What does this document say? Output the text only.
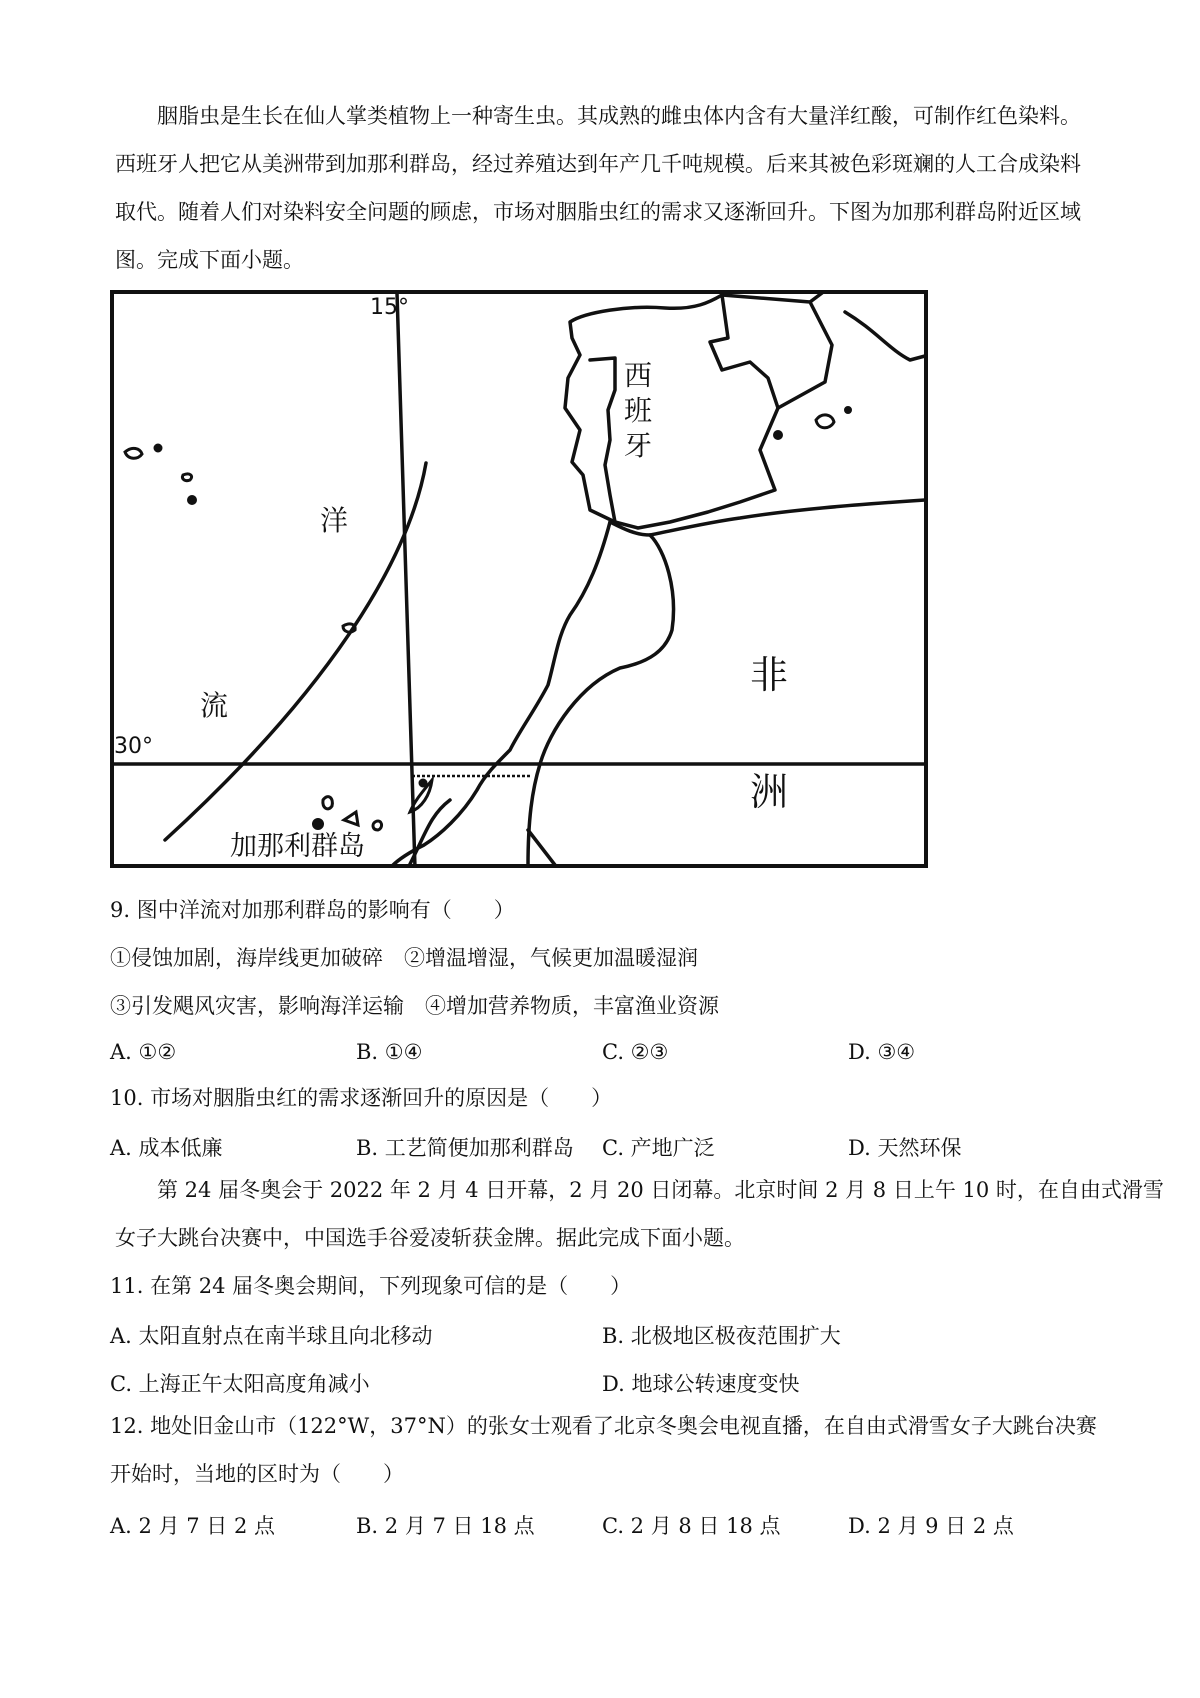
胭脂虫是生长在仙人掌类植物上一种寄生虫。其成熟的雌虫体内含有大量洋红酸，可制作红色染料。
西班牙人把它从美洲带到加那利群岛，经过养殖达到年产几千吨规模。后来其被色彩斑斓的人工合成染料
取代。随着人们对染料安全问题的顾虑，市场对胭脂虫红的需求又逐渐回升。下图为加那利群岛附近区域
图。完成下面小题。
15°
30°
西
班
牙
洋
流
非
洲
加那利群岛
9. 图中洋流对加那利群岛的影响有（　　）
①侵蚀加剧，海岸线更加破碎　②增温增湿，气候更加温暖湿润
③引发飓风灾害，影响海洋运输　④增加营养物质，丰富渔业资源
A. ①②	B. ①④	C. ②③	D. ③④
10. 市场对胭脂虫红的需求逐渐回升的原因是（　　）
A. 成本低廉	B. 工艺简便加那利群岛 C. 产地广泛	D. 天然环保
第 24 届冬奥会于 2022 年 2 月 4 日开幕，2 月 20 日闭幕。北京时间 2 月 8 日上午 10 时，在自由式滑雪
女子大跳台决赛中，中国选手谷爱凌斩获金牌。据此完成下面小题。
11. 在第 24 届冬奥会期间，下列现象可信的是（　　）
A. 太阳直射点在南半球且向北移动	B. 北极地区极夜范围扩大
C. 上海正午太阳高度角减小	D. 地球公转速度变快
12. 地处旧金山市（122°W，37°N）的张女士观看了北京冬奥会电视直播，在自由式滑雪女子大跳台决赛
开始时，当地的区时为（　　）
A. 2 月 7 日 2 点	B. 2 月 7 日 18 点	C. 2 月 8 日 18 点	D. 2 月 9 日 2 点
